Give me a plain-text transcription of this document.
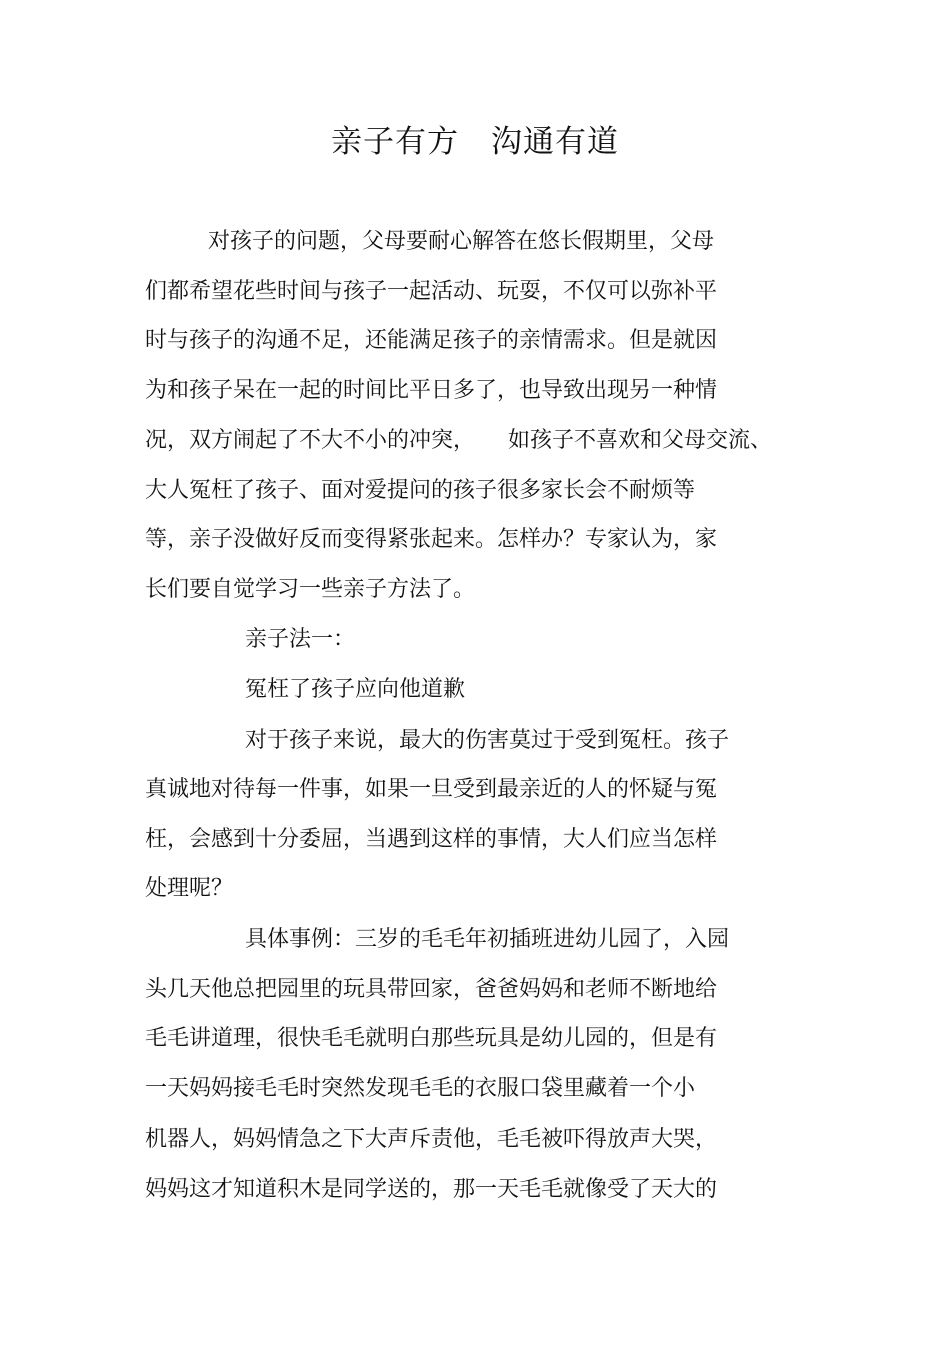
亲子有方　沟通有道

对孩子的问题，父母要耐心解答在悠长假期里，父母

们都希望花些时间与孩子一起活动、玩耍，不仅可以弥补平

时与孩子的沟通不足，还能满足孩子的亲情需求。但是就因

为和孩子呆在一起的时间比平日多了，也导致出现另一种情

况，双方闹起了不大不小的冲突，　　如孩子不喜欢和父母交流、

大人冤枉了孩子、面对爱提问的孩子很多家长会不耐烦等

等，亲子没做好反而变得紧张起来。怎样办？专家认为，家

长们要自觉学习一些亲子方法了。

亲子法一：

冤枉了孩子应向他道歉

对于孩子来说，最大的伤害莫过于受到冤枉。孩子

真诚地对待每一件事，如果一旦受到最亲近的人的怀疑与冤

枉，会感到十分委屈，当遇到这样的事情，大人们应当怎样

处理呢？

具体事例：三岁的毛毛年初插班进幼儿园了，入园

头几天他总把园里的玩具带回家，爸爸妈妈和老师不断地给

毛毛讲道理，很快毛毛就明白那些玩具是幼儿园的，但是有

一天妈妈接毛毛时突然发现毛毛的衣服口袋里藏着一个小

机器人，妈妈情急之下大声斥责他，毛毛被吓得放声大哭，

妈妈这才知道积木是同学送的，那一天毛毛就像受了天大的
